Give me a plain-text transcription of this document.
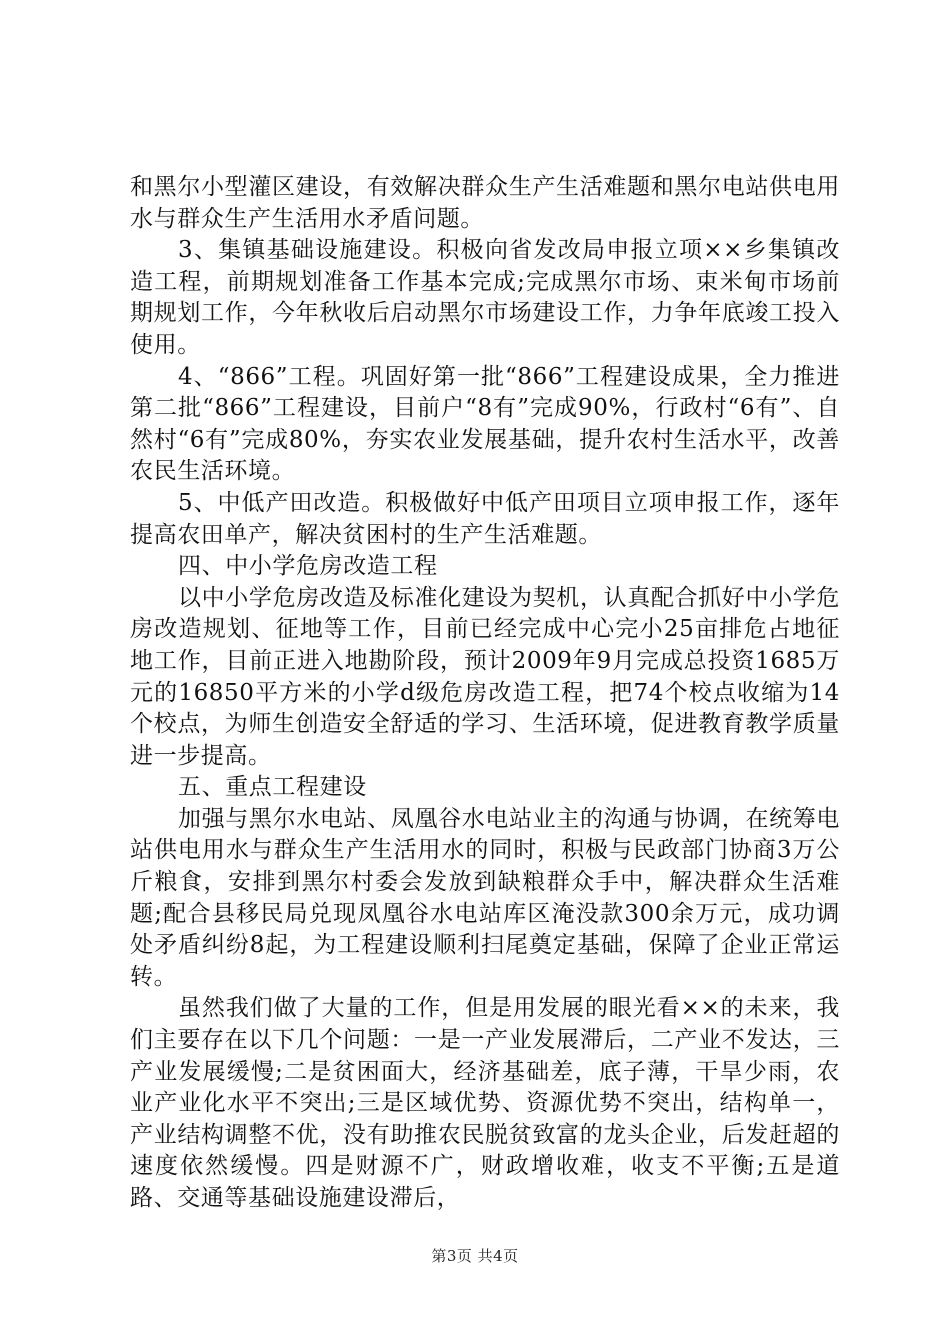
和黑尔小型灌区建设，有效解决群众生产生活难题和黑尔电站供电用水与群众生产生活用水矛盾问题。

3、集镇基础设施建设。积极向省发改局申报立项××乡集镇改造工程，前期规划准备工作基本完成;完成黑尔市场、束米甸市场前期规划工作，今年秋收后启动黑尔市场建设工作，力争年底竣工投入使用。

4、“866”工程。巩固好第一批“866”工程建设成果，全力推进第二批“866”工程建设，目前户“8有”完成90%，行政村“6有”、自然村“6有”完成80%，夯实农业发展基础，提升农村生活水平，改善农民生活环境。

5、中低产田改造。积极做好中低产田项目立项申报工作，逐年提高农田单产，解决贫困村的生产生活难题。

四、中小学危房改造工程

以中小学危房改造及标准化建设为契机，认真配合抓好中小学危房改造规划、征地等工作，目前已经完成中心完小25亩排危占地征地工作，目前正进入地勘阶段，预计2009年9月完成总投资1685万元的16850平方米的小学d级危房改造工程，把74个校点收缩为14个校点，为师生创造安全舒适的学习、生活环境，促进教育教学质量进一步提高。

五、重点工程建设

加强与黑尔水电站、凤凰谷水电站业主的沟通与协调，在统筹电站供电用水与群众生产生活用水的同时，积极与民政部门协商3万公斤粮食，安排到黑尔村委会发放到缺粮群众手中，解决群众生活难题;配合县移民局兑现凤凰谷水电站库区淹没款300余万元，成功调处矛盾纠纷8起，为工程建设顺利扫尾奠定基础，保障了企业正常运转。

虽然我们做了大量的工作，但是用发展的眼光看××的未来，我们主要存在以下几个问题：一是一产业发展滞后，二产业不发达，三产业发展缓慢;二是贫困面大，经济基础差，底子薄，干旱少雨，农业产业化水平不突出;三是区域优势、资源优势不突出，结构单一，产业结构调整不优，没有助推农民脱贫致富的龙头企业，后发赶超的速度依然缓慢。四是财源不广，财政增收难，收支不平衡;五是道路、交通等基础设施建设滞后，

第3页 共4页
